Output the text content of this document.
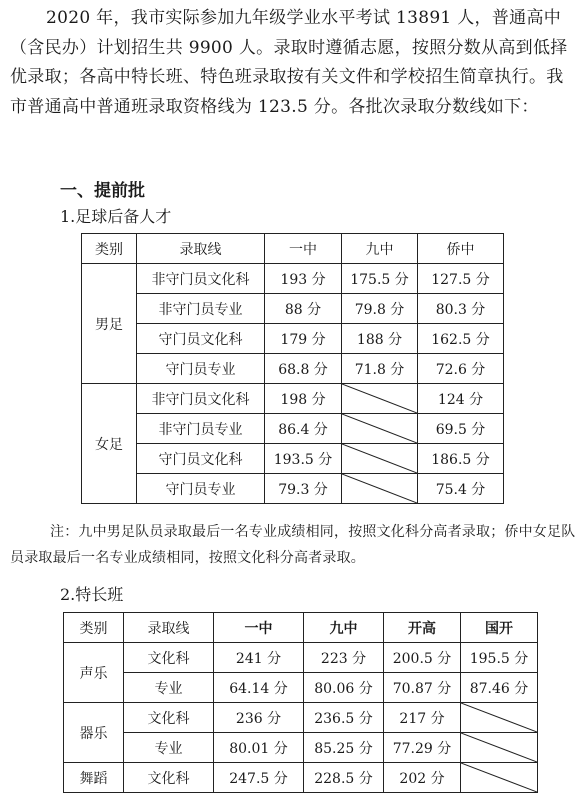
2020 年，我市实际参加九年级学业水平考试 13891 人，普通高中（含民办）计划招生共 9900 人。录取时遵循志愿，按照分数从高到低择优录取；各高中特长班、特色班录取按有关文件和学校招生简章执行。我市普通高中普通班录取资格线为 123.5 分。各批次录取分数线如下：

一、提前批

1.足球后备人才

类别	录取线	一中	九中	侨中
男足	非守门员文化科	193 分	175.5 分	127.5 分
	非守门员专业	88 分	79.8 分	80.3 分
	守门员文化科	179 分	188 分	162.5 分
	守门员专业	68.8 分	71.8 分	72.6 分
女足	非守门员文化科	198 分		124 分
	非守门员专业	86.4 分		69.5 分
	守门员文化科	193.5 分		186.5 分
	守门员专业	79.3 分		75.4 分

注：九中男足队员录取最后一名专业成绩相同，按照文化科分高者录取；侨中女足队员录取最后一名专业成绩相同，按照文化科分高者录取。

2.特长班

类别	录取线	一中	九中	开高	国开
声乐	文化科	241 分	223 分	200.5 分	195.5 分
	专业	64.14 分	80.06 分	70.87 分	87.46 分
器乐	文化科	236 分	236.5 分	217 分	

	专业	80.01 分	85.25 分	77.29 分	

舞蹈	文化科	247.5 分	228.5 分	202 分	
